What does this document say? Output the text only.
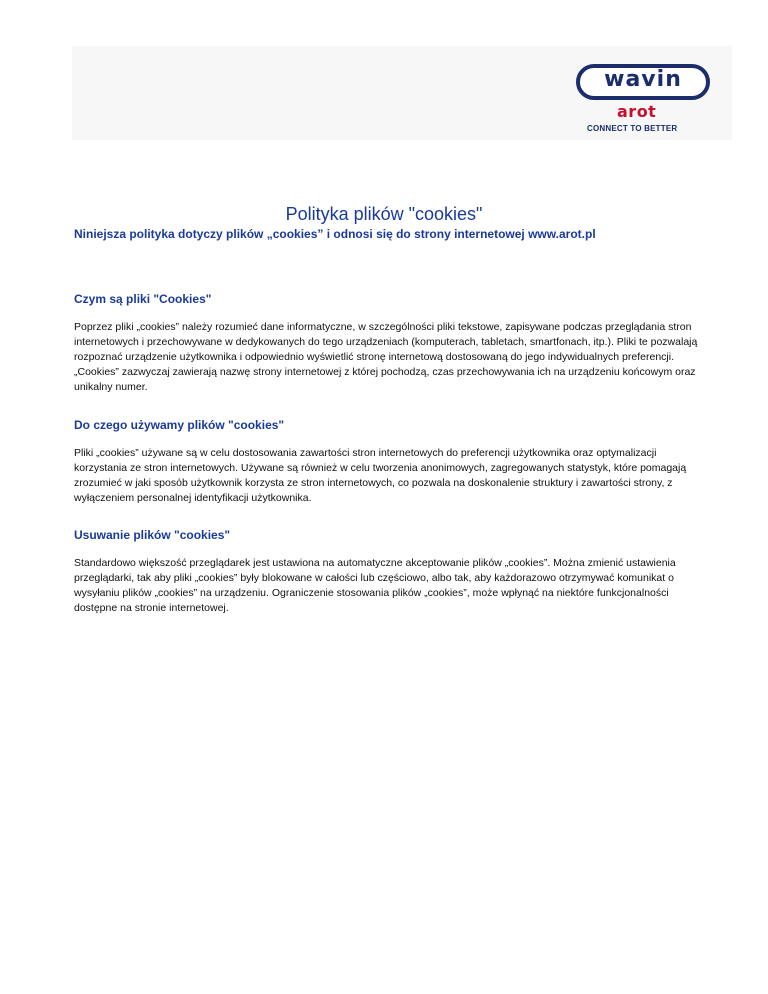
wavin
arot
CONNECT TO BETTER
Polityka plików "cookies"

Niniejsza polityka dotyczy plików „cookies” i odnosi się do strony internetowej www.arot.pl

Czym są pliki "Cookies"

Poprzez pliki „cookies” należy rozumieć dane informatyczne, w szczególności pliki tekstowe, zapisywane podczas przeglądania stron internetowych i przechowywane w dedykowanych do tego urządzeniach (komputerach, tabletach, smartfonach, itp.). Pliki te pozwalają rozpoznać urządzenie użytkownika i odpowiednio wyświetlić stronę internetową dostosowaną do jego indywidualnych preferencji. „Cookies” zazwyczaj zawierają nazwę strony internetowej z której pochodzą, czas przechowywania ich na urządzeniu końcowym oraz unikalny numer.

Do czego używamy plików "cookies"

Pliki „cookies” używane są w celu dostosowania zawartości stron internetowych do preferencji użytkownika oraz optymalizacji korzystania ze stron internetowych. Używane są również w celu tworzenia anonimowych, zagregowanych statystyk, które pomagają zrozumieć w jaki sposób użytkownik korzysta ze stron internetowych, co pozwala na doskonalenie struktury i zawartości strony, z wyłączeniem personalnej identyfikacji użytkownika.

Usuwanie plików "cookies"

Standardowo większość przeglądarek jest ustawiona na automatyczne akceptowanie plików „cookies”. Można zmienić ustawienia przeglądarki, tak aby pliki „cookies” były blokowane w całości lub częściowo, albo tak, aby każdorazowo otrzymywać komunikat o wysyłaniu plików „cookies” na urządzeniu. Ograniczenie stosowania plików „cookies”, może wpłynąć na niektóre funkcjonalności dostępne na stronie internetowej.
